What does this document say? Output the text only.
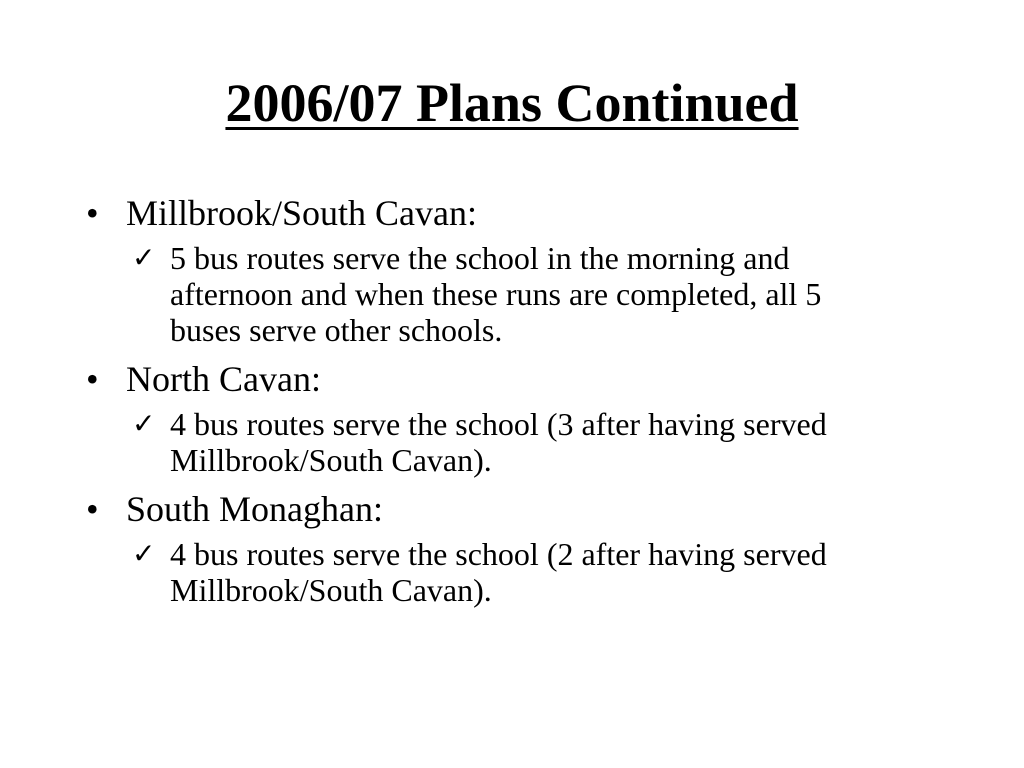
2006/07 Plans Continued
• Millbrook/South Cavan:
✓ 5 bus routes serve the school in the morning and afternoon and when these runs are completed, all 5 buses serve other schools.
• North Cavan:
✓ 4 bus routes serve the school (3 after having served Millbrook/South Cavan).
• South Monaghan:
✓ 4 bus routes serve the school (2 after having served Millbrook/South Cavan).
